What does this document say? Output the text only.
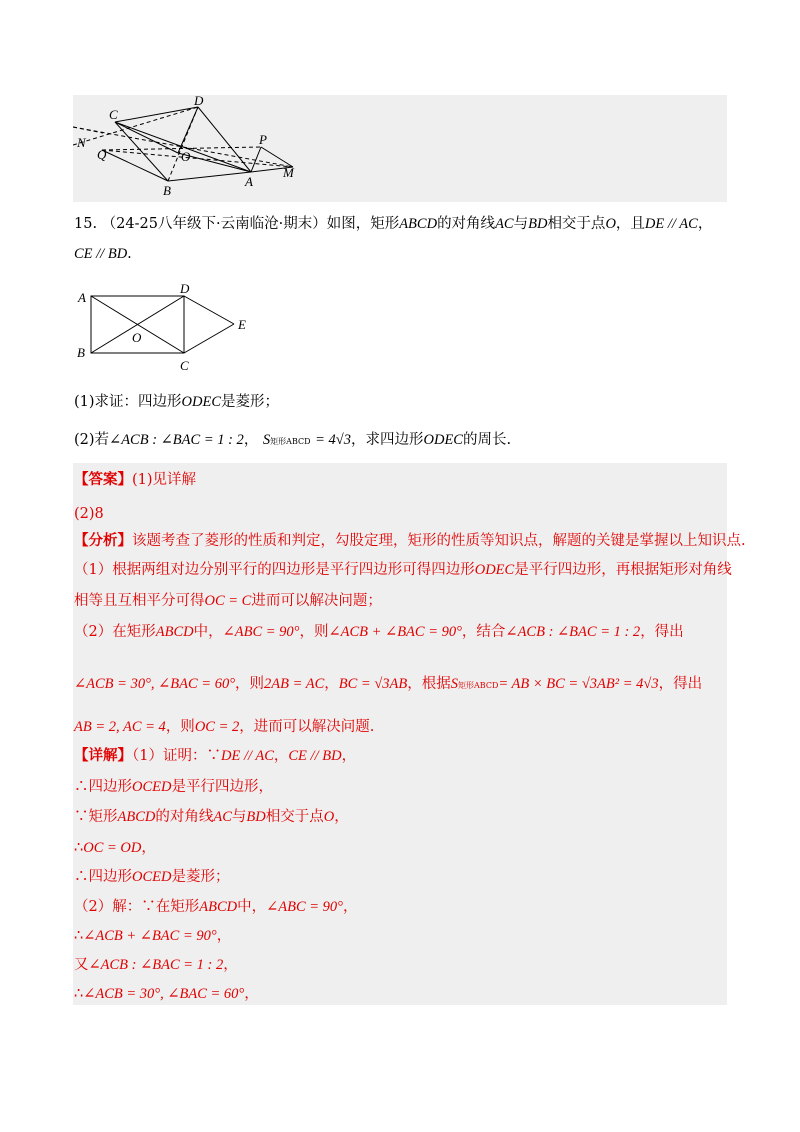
C
D
N
Q	O
P
M
B
A
15. （24-25八年级下·云南临沧·期末）如图，矩形ABCD的对角线AC与BD相交于点O，且DE // AC，
CE // BD.
A
D
E
O
B
C
(1)求证：四边形ODEC是菱形；
(2)若∠ACB : ∠BAC = 1 : 2， S矩形ABCD = 4√3，求四边形ODEC的周长.
【答案】(1)见详解
(2)8
【分析】该题考查了菱形的性质和判定，勾股定理，矩形的性质等知识点，解题的关键是掌握以上知识点.
（1）根据两组对边分别平行的四边形是平行四边形可得四边形ODEC是平行四边形，再根据矩形对角线
相等且互相平分可得OC = C进而可以解决问题；
（2）在矩形ABCD中，∠ABC = 90°，则∠ACB + ∠BAC = 90°，结合∠ACB : ∠BAC = 1 : 2，得出
∠ACB = 30°, ∠BAC = 60°，则2AB = AC，BC = √3AB，根据S矩形ABCD= AB × BC = √3AB² = 4√3，得出
AB = 2, AC = 4，则OC = 2，进而可以解决问题.
【详解】（1）证明：∵DE // AC，CE // BD，
∴四边形OCED是平行四边形，
∵矩形ABCD的对角线AC与BD相交于点O，
∴OC = OD，
∴四边形OCED是菱形；
（2）解：∵在矩形ABCD中，∠ABC = 90°，
∴∠ACB + ∠BAC = 90°，
又∠ACB : ∠BAC = 1 : 2，
∴∠ACB = 30°, ∠BAC = 60°，
